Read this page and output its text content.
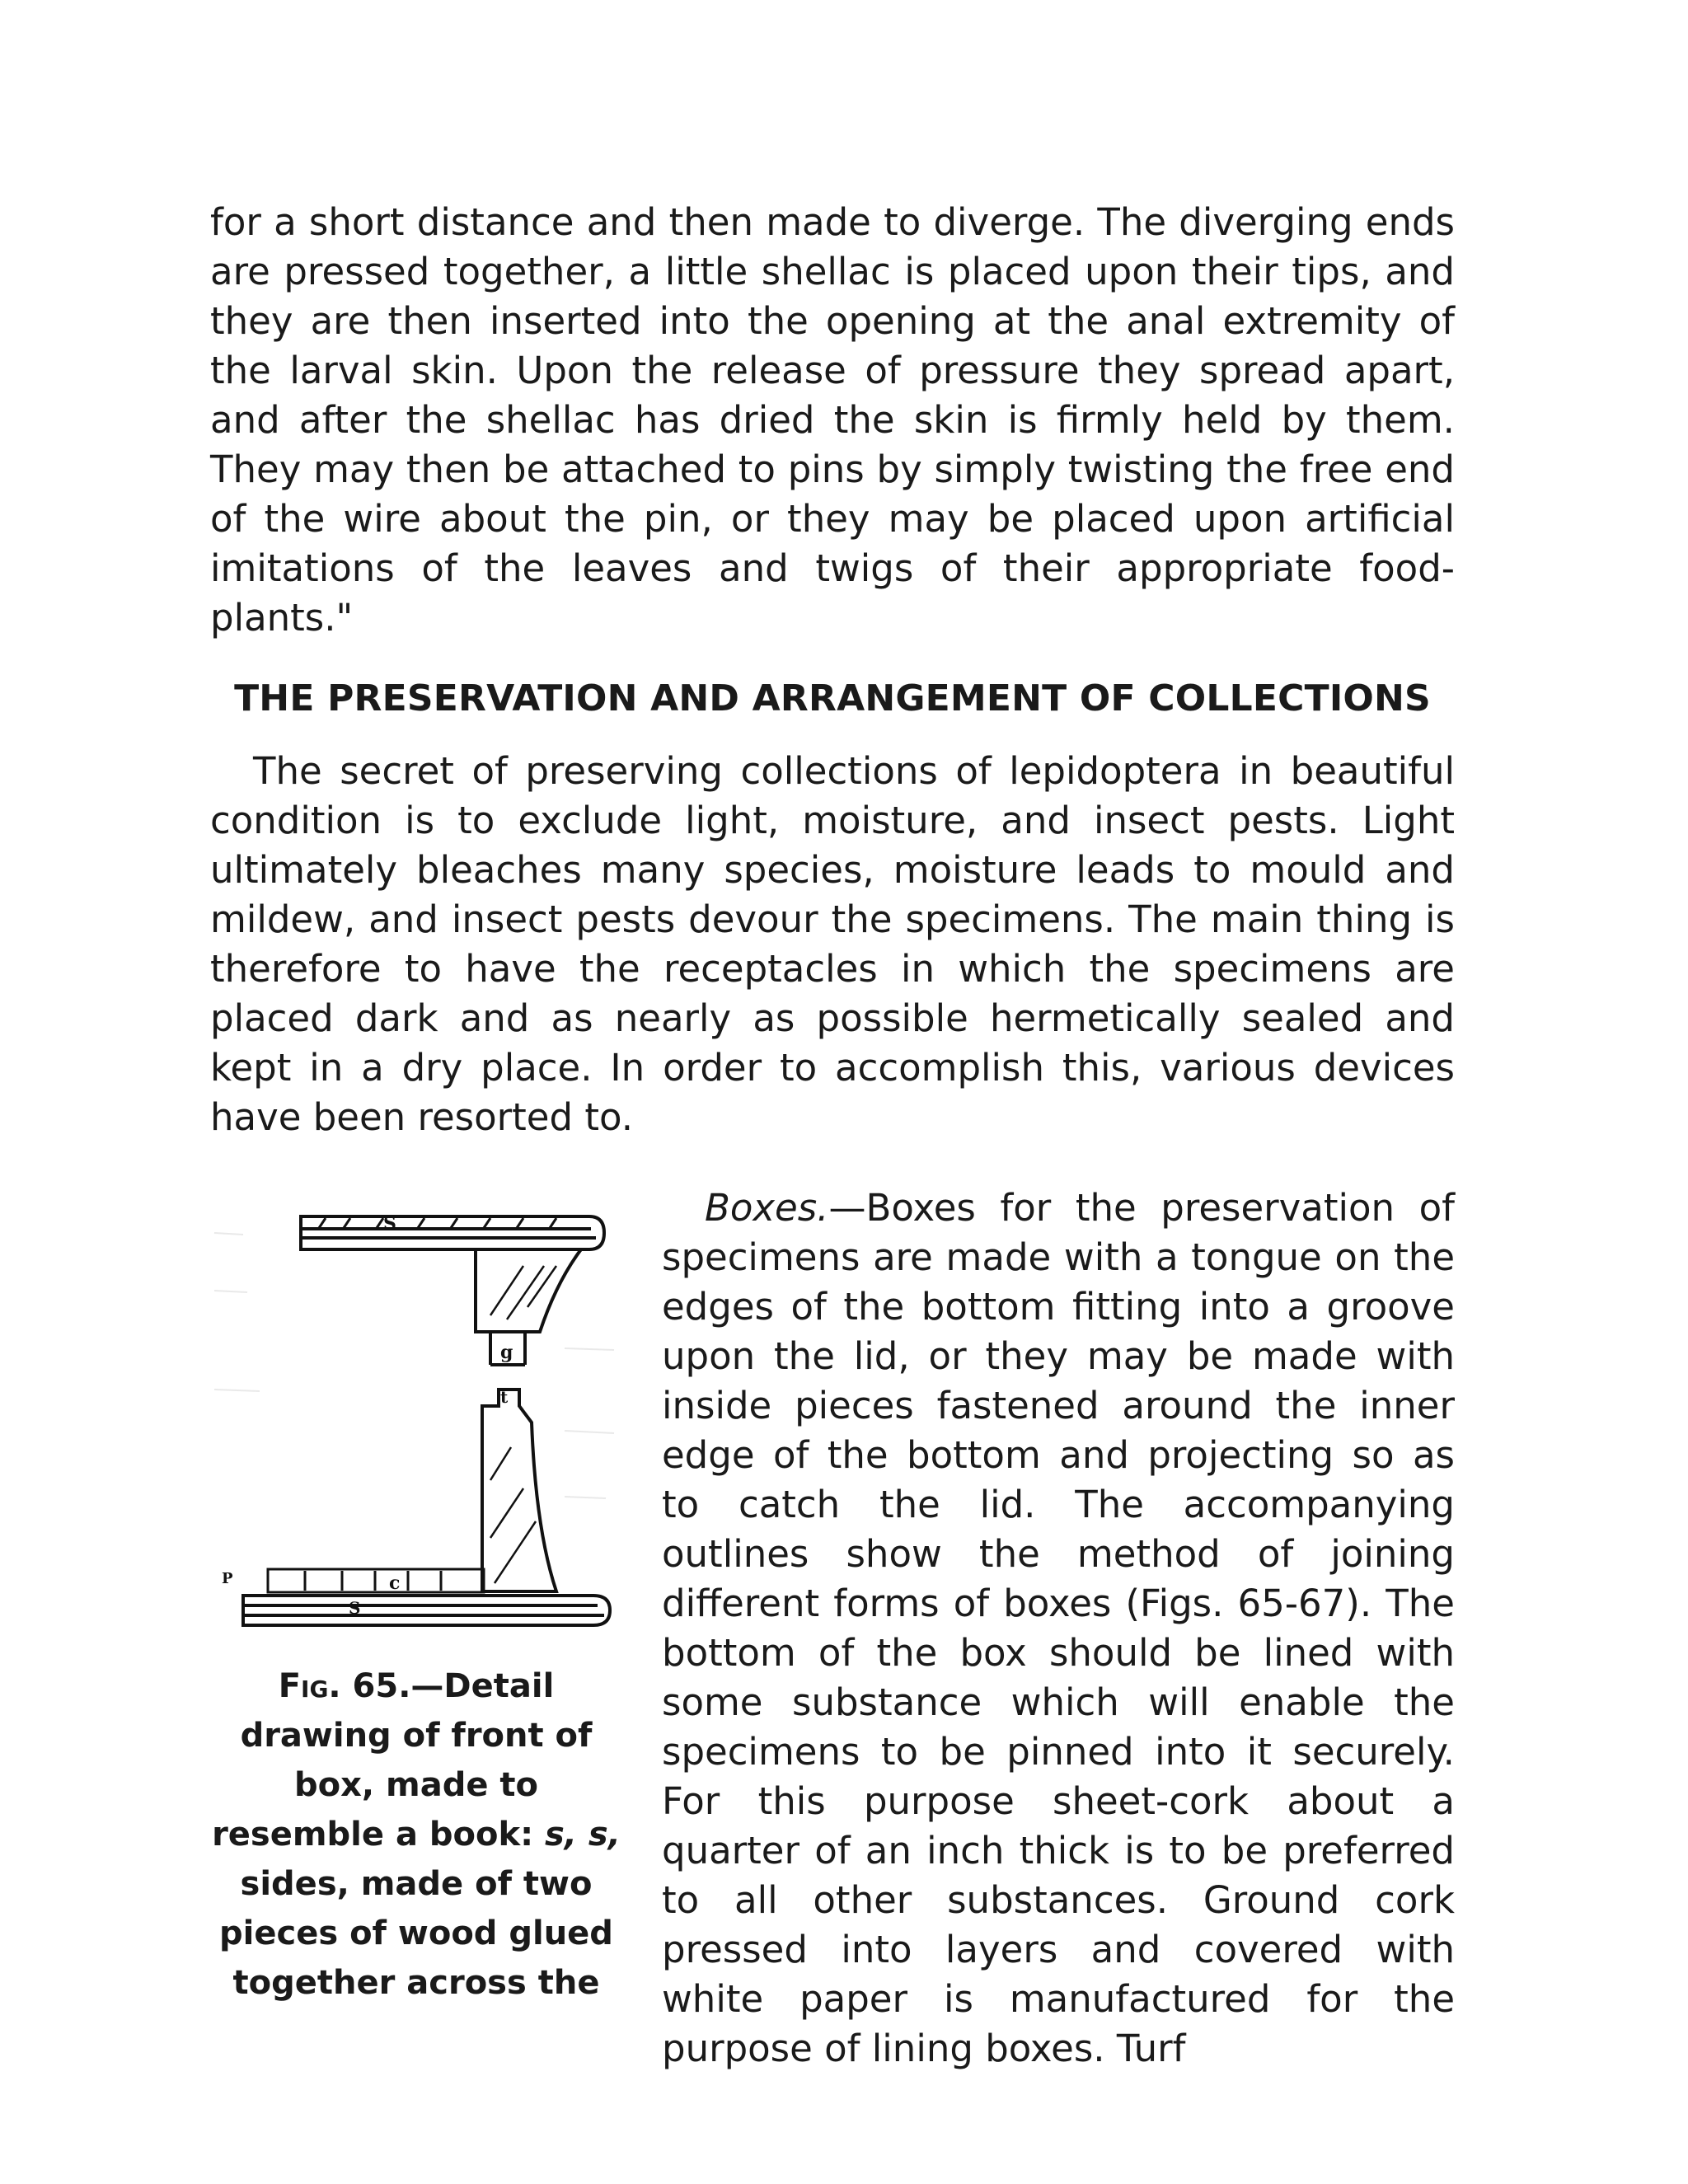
for a short distance and then made to diverge. The diverging ends are pressed together, a little shellac is placed upon their tips, and they are then inserted into the opening at the anal extremity of the larval skin. Upon the release of pressure they spread apart, and after the shellac has dried the skin is firmly held by them. They may then be attached to pins by simply twisting the free end of the wire about the pin, or they may be placed upon artificial imitations of the leaves and twigs of their appropriate food-plants."

THE PRESERVATION AND ARRANGEMENT OF COLLECTIONS

The secret of preserving collections of lepidoptera in beautiful condition is to exclude light, moisture, and insect pests. Light ultimately bleaches many species, moisture leads to mould and mildew, and insect pests devour the specimens. The main thing is therefore to have the receptacles in which the specimens are placed dark and as nearly as possible hermetically sealed and kept in a dry place. In order to accomplish this, various devices have been resorted to.

S
g
t
P	c
S
Fig. 65.—Detail drawing of front of box, made to resemble a book: s, s, sides, made of two pieces of wood glued together across the

Boxes.—Boxes for the preservation of specimens are made with a tongue on the edges of the bottom fitting into a groove upon the lid, or they may be made with inside pieces fastened around the inner edge of the bottom and projecting so as to catch the lid. The accompanying outlines show the method of joining different forms of boxes (Figs. 65-67). The bottom of the box should be lined with some substance which will enable the specimens to be pinned into it securely. For this purpose sheet-cork about a quarter of an inch thick is to be preferred to all other substances. Ground cork pressed into layers and covered with white paper is manufactured for the purpose of lining boxes. Turf
